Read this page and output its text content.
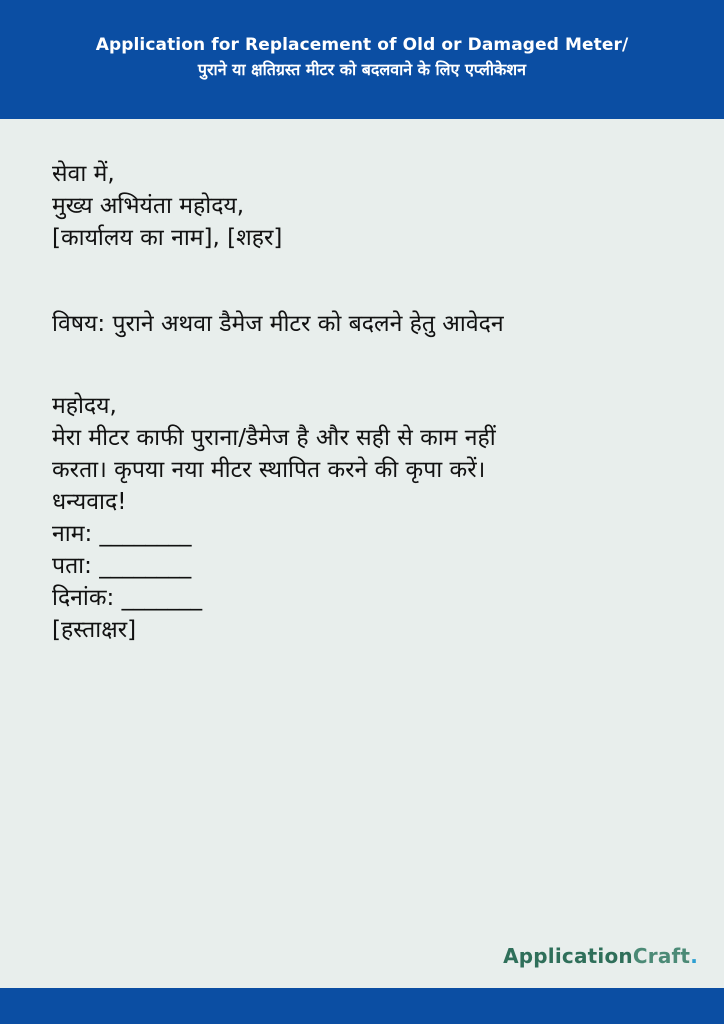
Application for Replacement of Old or Damaged Meter/

पुराने या क्षतिग्रस्त मीटर को बदलवाने के लिए एप्लीकेशन

सेवा में,
मुख्य अभियंता महोदय,
[कार्यालय का नाम], [शहर]
विषय: पुराने अथवा डैमेज मीटर को बदलने हेतु आवेदन
महोदय,
मेरा मीटर काफी पुराना/डैमेज है और सही से काम नहीं
करता। कृपया नया मीटर स्थापित करने की कृपा करें।
धन्यवाद!
नाम: ________
पता: ________
दिनांक: _______
[हस्ताक्षर]
ApplicationCraft.
